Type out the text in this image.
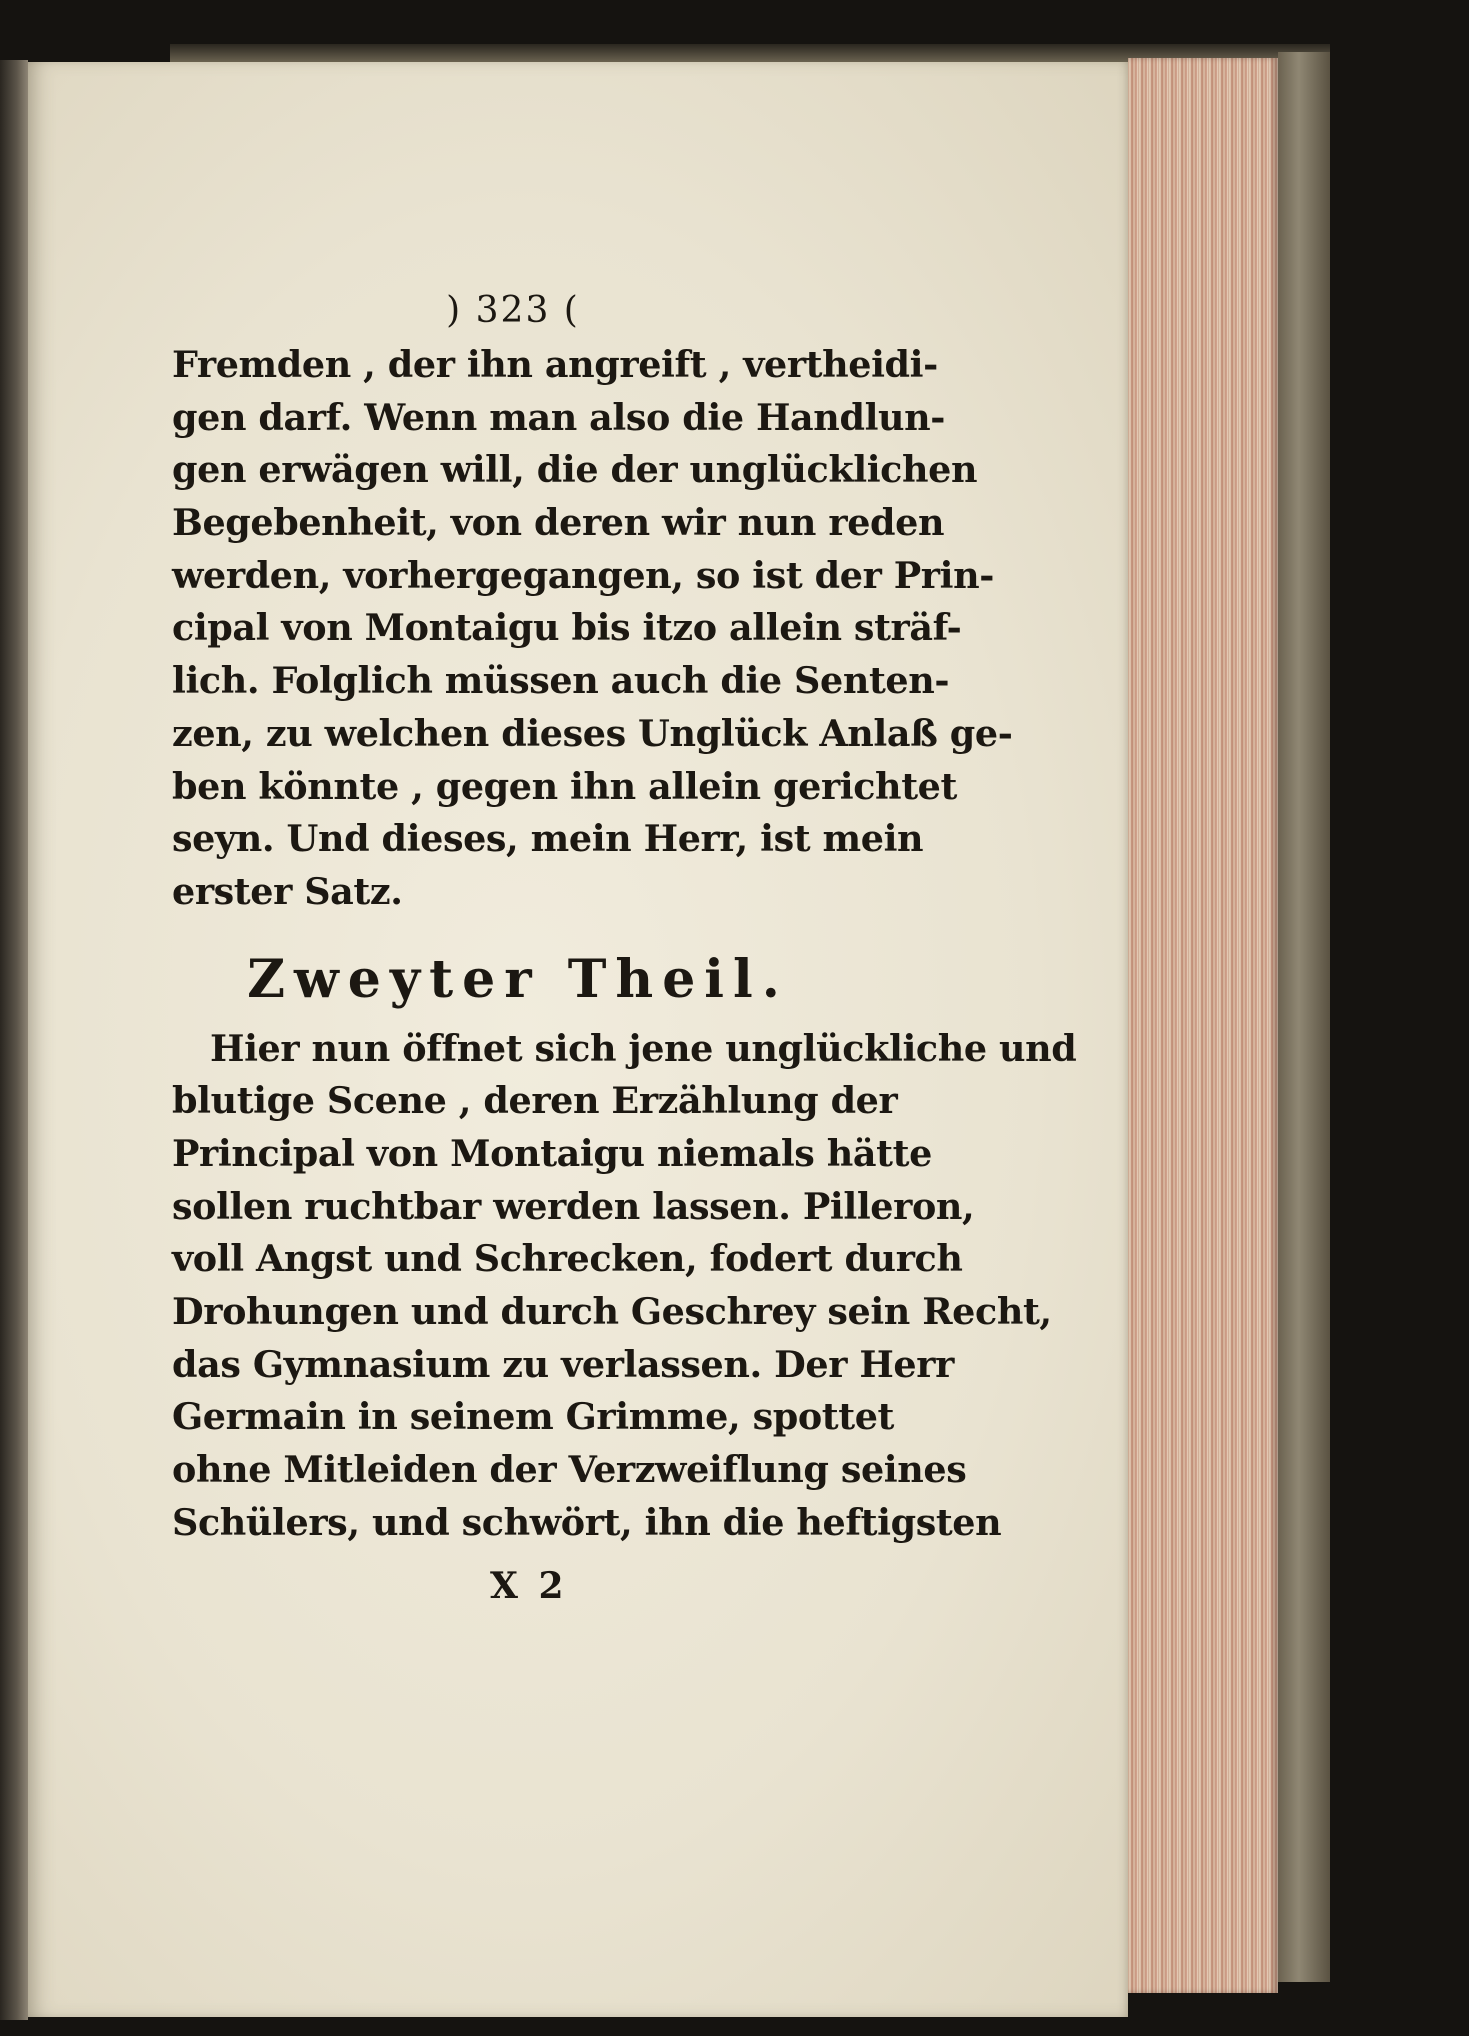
) 323 (
Fremden , der ihn angreift , vertheidi-
gen darf. Wenn man also die Handlun-
gen erwägen will, die der unglücklichen
Begebenheit, von deren wir nun reden
werden, vorhergegangen, so ist der Prin-
cipal von Montaigu bis itzo allein sträf-
lich. Folglich müssen auch die Senten-
zen, zu welchen dieses Unglück Anlaß ge-
ben könnte , gegen ihn allein gerichtet
seyn. Und dieses, mein Herr, ist mein
erster Satz.
Zweyter Theil.
Hier nun öffnet sich jene unglückliche und
blutige Scene , deren Erzählung der
Principal von Montaigu niemals hätte
sollen ruchtbar werden lassen. Pilleron,
voll Angst und Schrecken, fodert durch
Drohungen und durch Geschrey sein Recht,
das Gymnasium zu verlassen. Der Herr
Germain in seinem Grimme, spottet
ohne Mitleiden der Verzweiflung seines
Schülers, und schwört, ihn die heftigsten
X 2
